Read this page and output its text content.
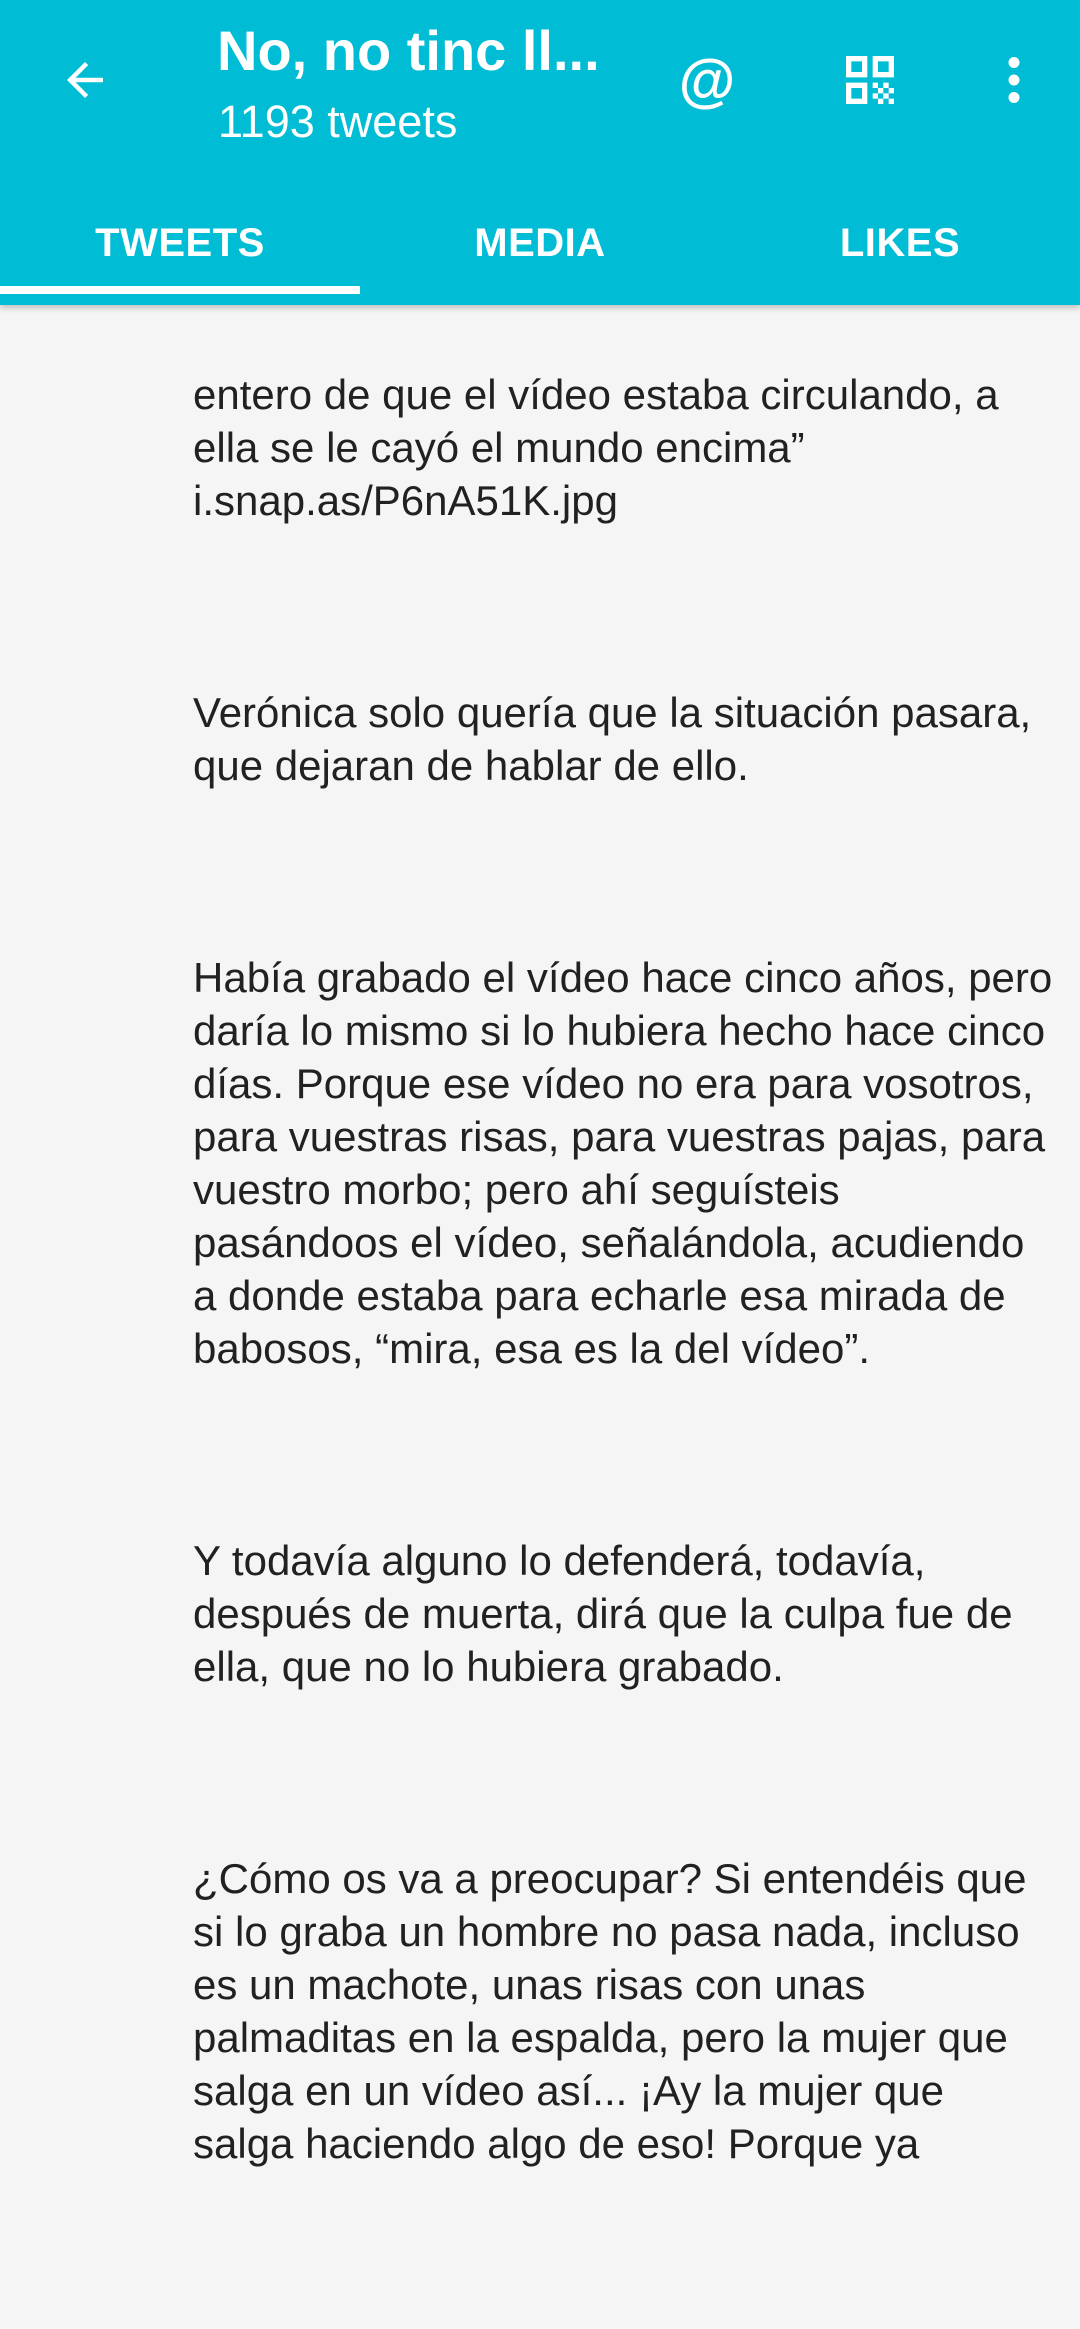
entero de que el vídeo estaba circulando, a ella se le cayó el mundo encima”
i.snap.as/P6nA51K.jpg

Verónica solo quería que la situación pasara, que dejaran de hablar de ello.

Había grabado el vídeo hace cinco años, pero daría lo mismo si lo hubiera hecho hace cinco días. Porque ese vídeo no era para vosotros, para vuestras risas, para vuestras pajas, para vuestro morbo; pero ahí seguísteis pasándoos el vídeo, señalándola, acudiendo a donde estaba para echarle esa mirada de babosos, “mira, esa es la del vídeo”.

Y todavía alguno lo defenderá, todavía, después de muerta, dirá que la culpa fue de ella, que no lo hubiera grabado.

¿Cómo os va a preocupar? Si entendéis que si lo graba un hombre no pasa nada, incluso es un machote, unas risas con unas palmaditas en la espalda, pero la mujer que salga en un vídeo así... ¡Ay la mujer que salga haciendo algo de eso! Porque ya

No, no tinc ll...
1193 tweets
@
TWEETS	MEDIA	LIKES
